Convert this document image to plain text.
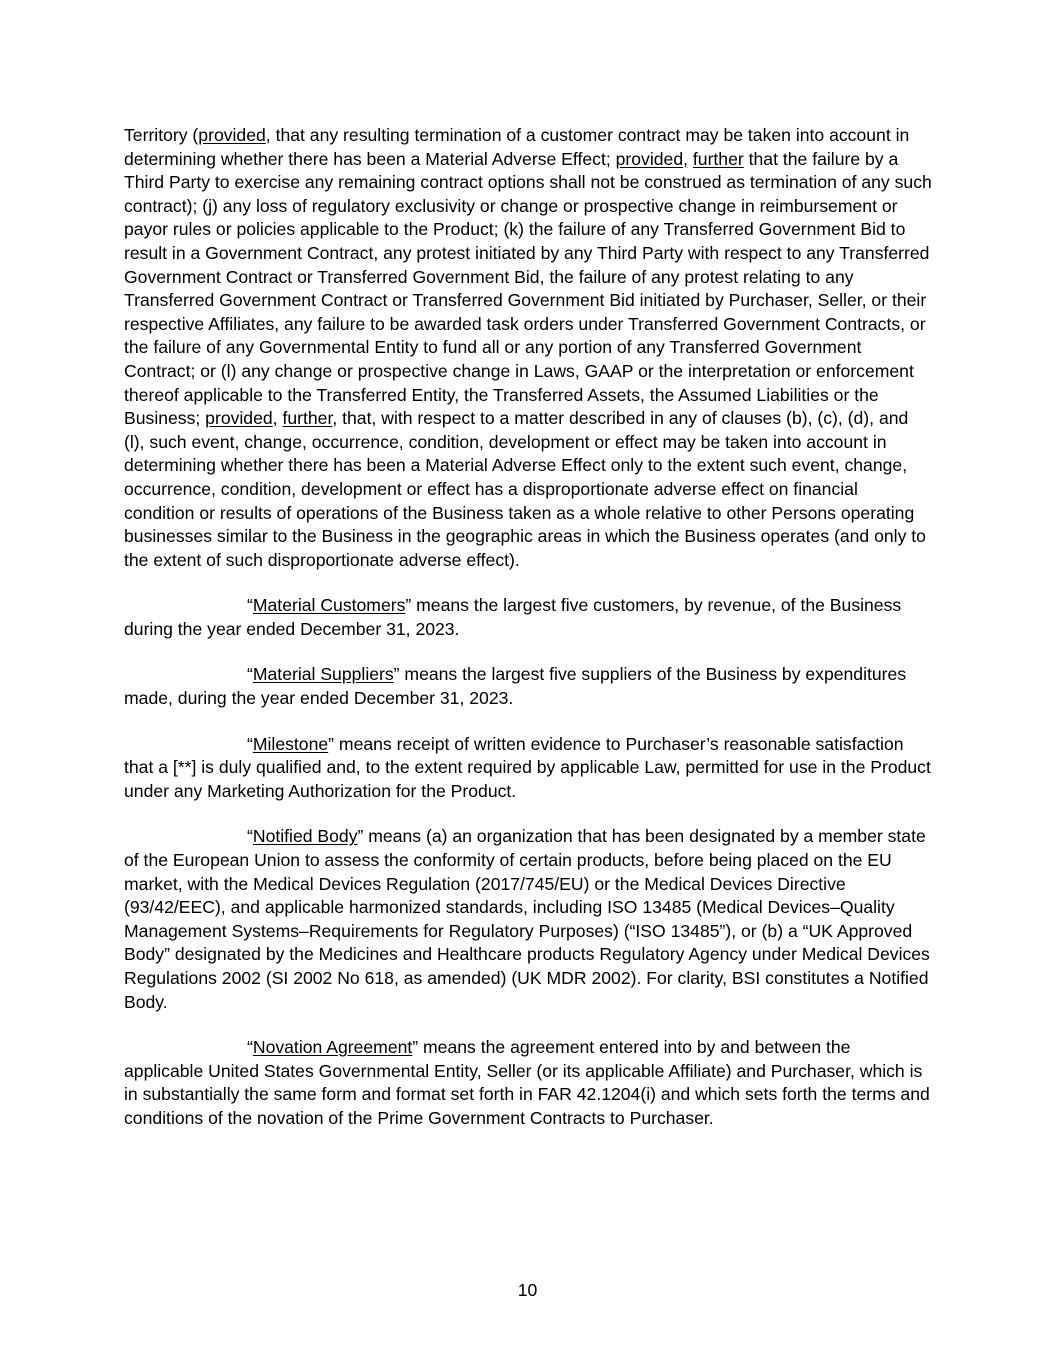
Territory (provided, that any resulting termination of a customer contract may be taken into account in determining whether there has been a Material Adverse Effect; provided, further that the failure by a Third Party to exercise any remaining contract options shall not be construed as termination of any such contract); (j) any loss of regulatory exclusivity or change or prospective change in reimbursement or payor rules or policies applicable to the Product; (k) the failure of any Transferred Government Bid to result in a Government Contract, any protest initiated by any Third Party with respect to any Transferred Government Contract or Transferred Government Bid, the failure of any protest relating to any Transferred Government Contract or Transferred Government Bid initiated by Purchaser, Seller, or their respective Affiliates, any failure to be awarded task orders under Transferred Government Contracts, or the failure of any Governmental Entity to fund all or any portion of any Transferred Government Contract; or (l) any change or prospective change in Laws, GAAP or the interpretation or enforcement thereof applicable to the Transferred Entity, the Transferred Assets, the Assumed Liabilities or the Business; provided, further, that, with respect to a matter described in any of clauses (b), (c), (d), and (l), such event, change, occurrence, condition, development or effect may be taken into account in determining whether there has been a Material Adverse Effect only to the extent such event, change, occurrence, condition, development or effect has a disproportionate adverse effect on financial condition or results of operations of the Business taken as a whole relative to other Persons operating businesses similar to the Business in the geographic areas in which the Business operates (and only to the extent of such disproportionate adverse effect).

“Material Customers” means the largest five customers, by revenue, of the Business during the year ended December 31, 2023.

“Material Suppliers” means the largest five suppliers of the Business by expenditures made, during the year ended December 31, 2023.

“Milestone” means receipt of written evidence to Purchaser’s reasonable satisfaction that a [**] is duly qualified and, to the extent required by applicable Law, permitted for use in the Product under any Marketing Authorization for the Product.

“Notified Body” means (a) an organization that has been designated by a member state of the European Union to assess the conformity of certain products, before being placed on the EU market, with the Medical Devices Regulation (2017/745/EU) or the Medical Devices Directive (93/42/EEC), and applicable harmonized standards, including ISO 13485 (Medical Devices–Quality Management Systems–Requirements for Regulatory Purposes) (“ISO 13485”), or (b) a “UK Approved Body” designated by the Medicines and Healthcare products Regulatory Agency under Medical Devices Regulations 2002 (SI 2002 No 618, as amended) (UK MDR 2002). For clarity, BSI constitutes a Notified Body.

“Novation Agreement” means the agreement entered into by and between the applicable United States Governmental Entity, Seller (or its applicable Affiliate) and Purchaser, which is in substantially the same form and format set forth in FAR 42.1204(i) and which sets forth the terms and conditions of the novation of the Prime Government Contracts to Purchaser.

10
